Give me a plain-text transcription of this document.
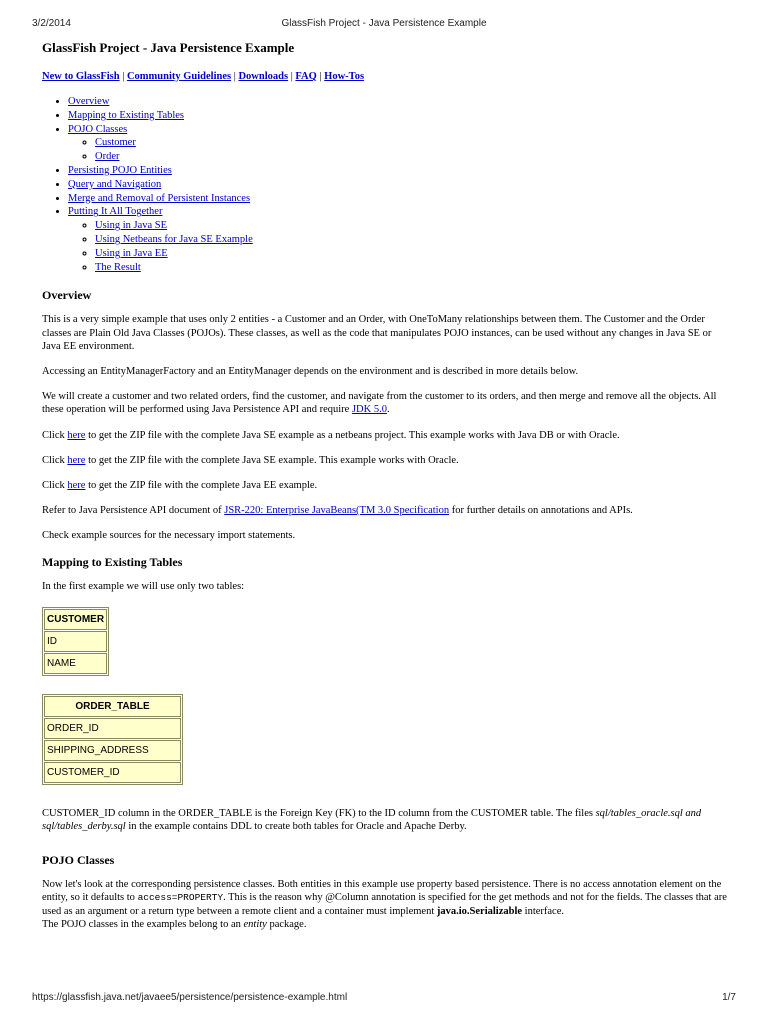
3/2/2014	GlassFish Project - Java Persistence Example
GlassFish Project - Java Persistence Example
New to GlassFish | Community Guidelines | Downloads | FAQ | How-Tos
• Overview
• Mapping to Existing Tables
• POJO Classes
◦ Customer
◦ Order
• Persisting POJO Entities
• Query and Navigation
• Merge and Removal of Persistent Instances
• Putting It All Together
◦ Using in Java SE
◦ Using Netbeans for Java SE Example
◦ Using in Java EE
◦ The Result
Overview

This is a very simple example that uses only 2 entities - a Customer and an Order, with OneToMany relationships between them. The Customer and the Order classes are Plain Old Java Classes (POJOs). These classes, as well as the code that manipulates POJO instances, can be used without any changes in Java SE or Java EE environment.

Accessing an EntityManagerFactory and an EntityManager depends on the environment and is described in more details below.

We will create a customer and two related orders, find the customer, and navigate from the customer to its orders, and then merge and remove all the objects. All these operation will be performed using Java Persistence API and require JDK 5.0.

Click here to get the ZIP file with the complete Java SE example as a netbeans project. This example works with Java DB or with Oracle.

Click here to get the ZIP file with the complete Java SE example. This example works with Oracle.

Click here to get the ZIP file with the complete Java EE example.

Refer to Java Persistence API document of JSR-220: Enterprise JavaBeans(TM 3.0 Specification for further details on annotations and APIs.

Check example sources for the necessary import statements.

Mapping to Existing Tables

In the first example we will use only two tables:

CUSTOMER
ID
NAME
ORDER_TABLE
ORDER_ID
SHIPPING_ADDRESS
CUSTOMER_ID

CUSTOMER_ID column in the ORDER_TABLE is the Foreign Key (FK) to the ID column from the CUSTOMER table. The files sql/tables_oracle.sql and sql/tables_derby.sql in the example contains DDL to create both tables for Oracle and Apache Derby.

POJO Classes

Now let's look at the corresponding persistence classes. Both entities in this example use property based persistence. There is no access annotation element on the entity, so it defaults to access=PROPERTY. This is the reason why @Column annotation is specified for the get methods and not for the fields. The classes that are used as an argument or a return type between a remote client and a container must implement java.io.Serializable interface.

The POJO classes in the examples belong to an entity package.

https://glassfish.java.net/javaee5/persistence/persistence-example.html	1/7
